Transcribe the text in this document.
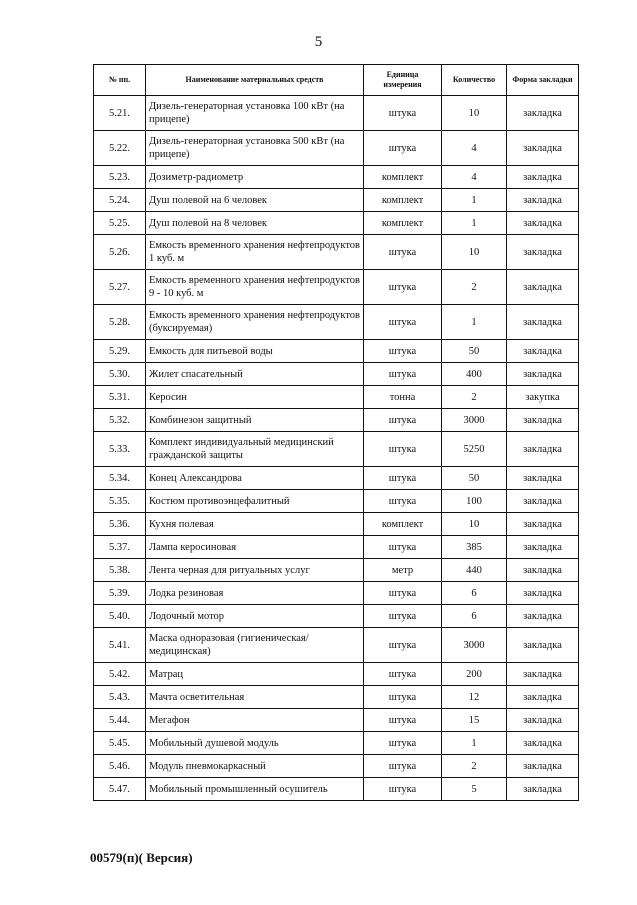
5
№ пп.	Наименование материальных средств	Единица измерения	Количество	Форма закладки
5.21.	Дизель-генераторная установка 100 кВт (на прицепе)	штука	10	закладка
5.22.	Дизель-генераторная установка 500 кВт (на прицепе)	штука	4	закладка
5.23.	Дозиметр-радиометр	комплект	4	закладка
5.24.	Душ полевой на 6 человек	комплект	1	закладка
5.25.	Душ полевой на 8 человек	комплект	1	закладка
5.26.	Емкость временного хранения нефтепродуктов 1 куб. м	штука	10	закладка
5.27.	Емкость временного хранения нефтепродуктов 9 - 10 куб. м	штука	2	закладка
5.28.	Емкость временного хранения нефтепродуктов (буксируемая)	штука	1	закладка
5.29.	Емкость для питьевой воды	штука	50	закладка
5.30.	Жилет спасательный	штука	400	закладка
5.31.	Керосин	тонна	2	закупка
5.32.	Комбинезон защитный	штука	3000	закладка
5.33.	Комплект индивидуальный медицинский гражданской защиты	штука	5250	закладка
5.34.	Конец Александрова	штука	50	закладка
5.35.	Костюм противоэнцефалитный	штука	100	закладка
5.36.	Кухня полевая	комплект	10	закладка
5.37.	Лампа керосиновая	штука	385	закладка
5.38.	Лента черная для ритуальных услуг	метр	440	закладка
5.39.	Лодка резиновая	штука	6	закладка
5.40.	Лодочный мотор	штука	6	закладка
5.41.	Маска одноразовая (гигиеническая/медицинская)	штука	3000	закладка
5.42.	Матрац	штука	200	закладка
5.43.	Мачта осветительная	штука	12	закладка
5.44.	Мегафон	штука	15	закладка
5.45.	Мобильный душевой модуль	штука	1	закладка
5.46.	Модуль пневмокаркасный	штука	2	закладка
5.47.	Мобильный промышленный осушитель	штука	5	закладка
00579(п)( Версия)
